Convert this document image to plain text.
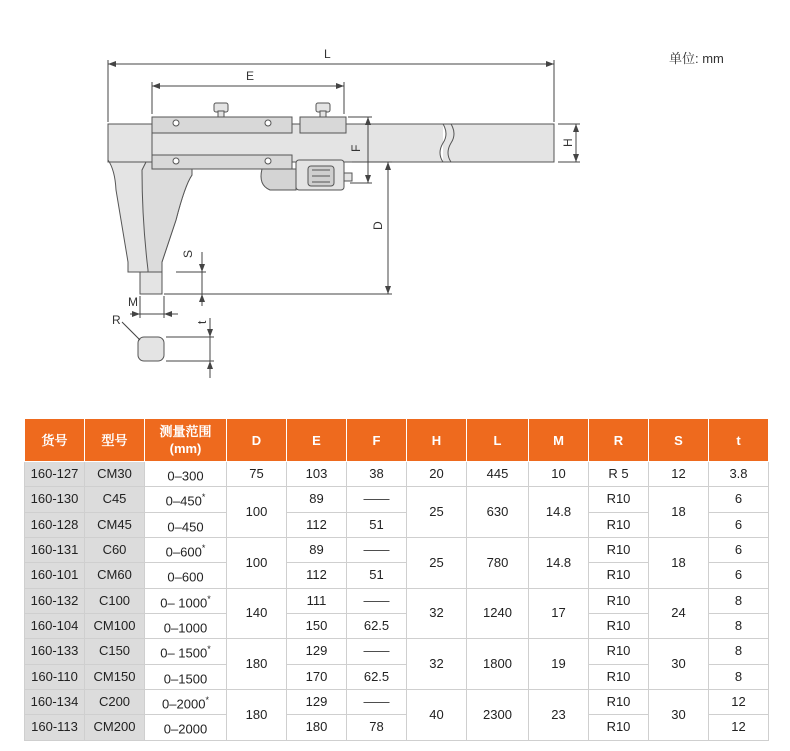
L
E
H
F
D
S
M
R	t
单位: mm
货号	型号	测量范围
(mm)	D	E	F	H	L	M	R	S	t
160-127	CM30	0–300	75	103	38	20	445	10	R 5	12	3.8
160-130	C45	0–450*	100	89	——	25	630	14.8	R10	18	6
160-128	CM45	0–450		112	51				R10		6
160-131	C60	0–600*	100	89	——	25	780	14.8	R10	18	6
160-101	CM60	0–600		112	51				R10		6
160-132	C100	0– 1000*	140	111	——	32	1240	17	R10	24	8
160-104	CM100	0–1000		150	62.5				R10		8
160-133	C150	0– 1500*	180	129	——	32	1800	19	R10	30	8
160-110	CM150	0–1500		170	62.5				R10		8
160-134	C200	0–2000*	180	129	——	40	2300	23	R10	30	12
160-113	CM200	0–2000		180	78				R10		12
